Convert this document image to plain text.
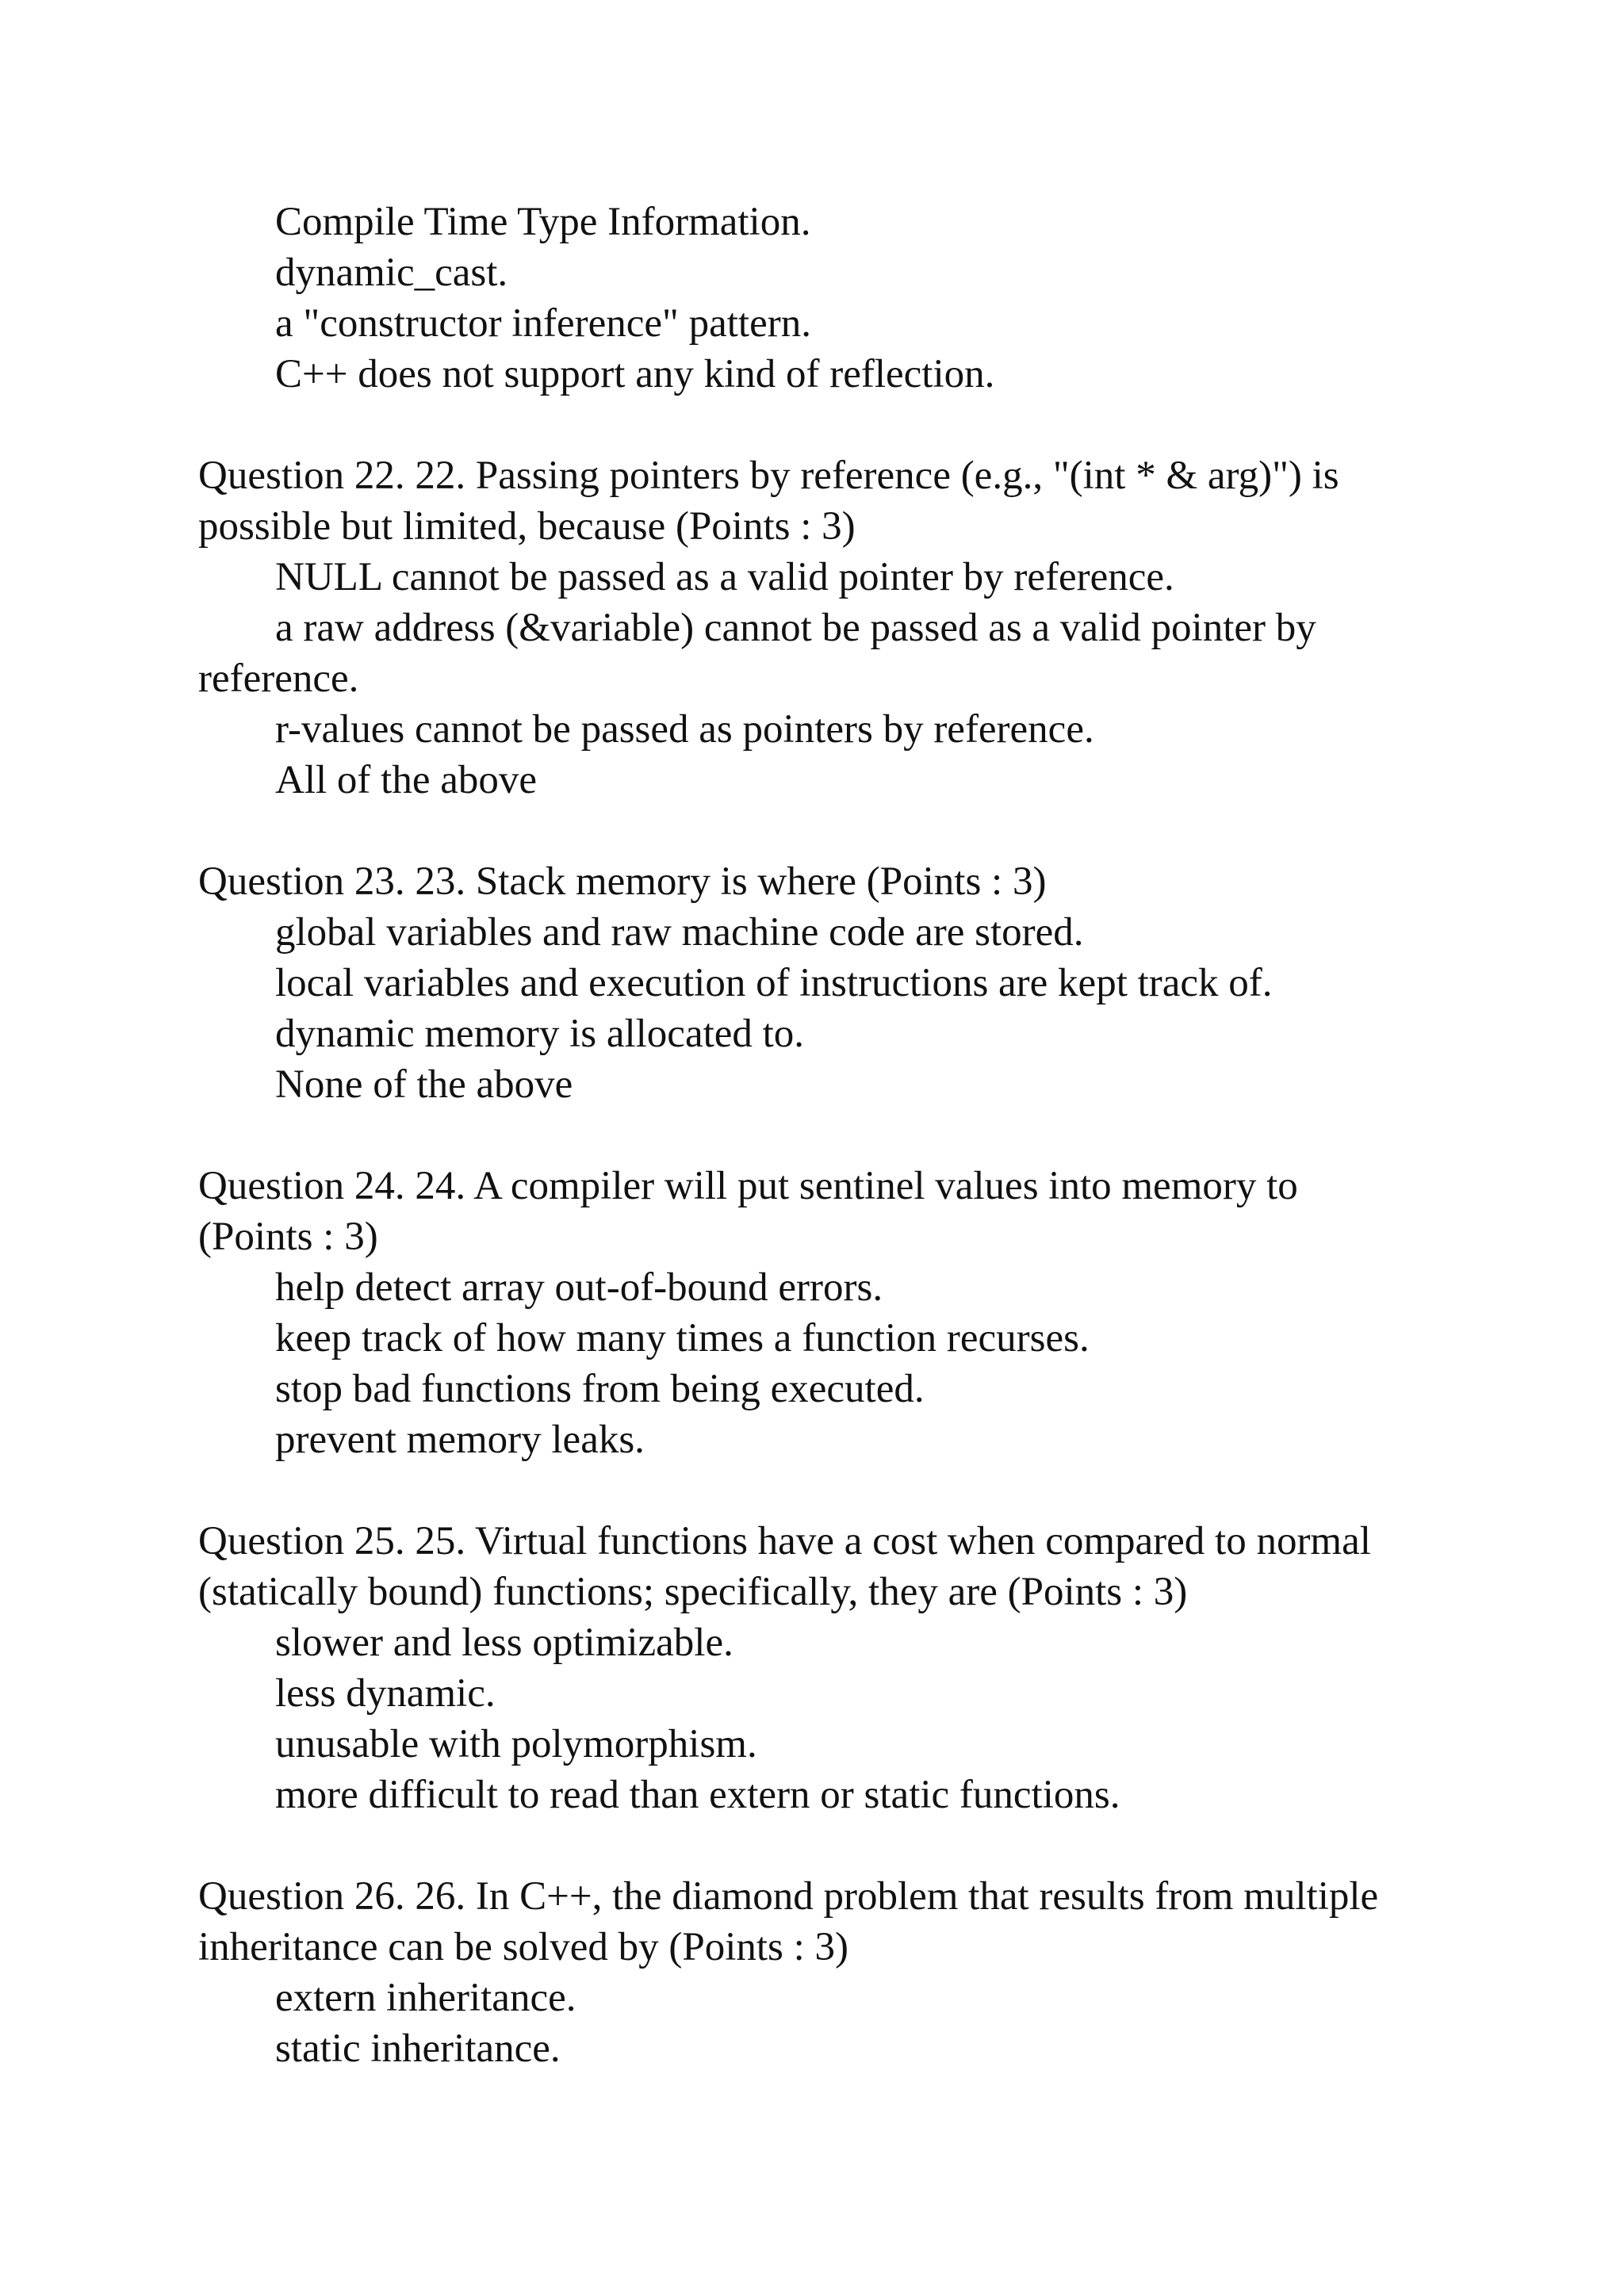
Compile Time Type Information.

dynamic_cast.

a "constructor inference" pattern.

C++ does not support any kind of reflection.

Question 22. 22. Passing pointers by reference (e.g., "(int * & arg)") is possible but limited, because (Points : 3)

NULL cannot be passed as a valid pointer by reference.

a raw address (&variable) cannot be passed as a valid pointer by reference.

r-values cannot be passed as pointers by reference.

All of the above

Question 23. 23. Stack memory is where (Points : 3)

global variables and raw machine code are stored.

local variables and execution of instructions are kept track of.

dynamic memory is allocated to.

None of the above

Question 24. 24. A compiler will put sentinel values into memory to (Points : 3)

help detect array out-of-bound errors.

keep track of how many times a function recurses.

stop bad functions from being executed.

prevent memory leaks.

Question 25. 25. Virtual functions have a cost when compared to normal (statically bound) functions; specifically, they are (Points : 3)

slower and less optimizable.

less dynamic.

unusable with polymorphism.

more difficult to read than extern or static functions.

Question 26. 26. In C++, the diamond problem that results from multiple inheritance can be solved by (Points : 3)

extern inheritance.

static inheritance.
